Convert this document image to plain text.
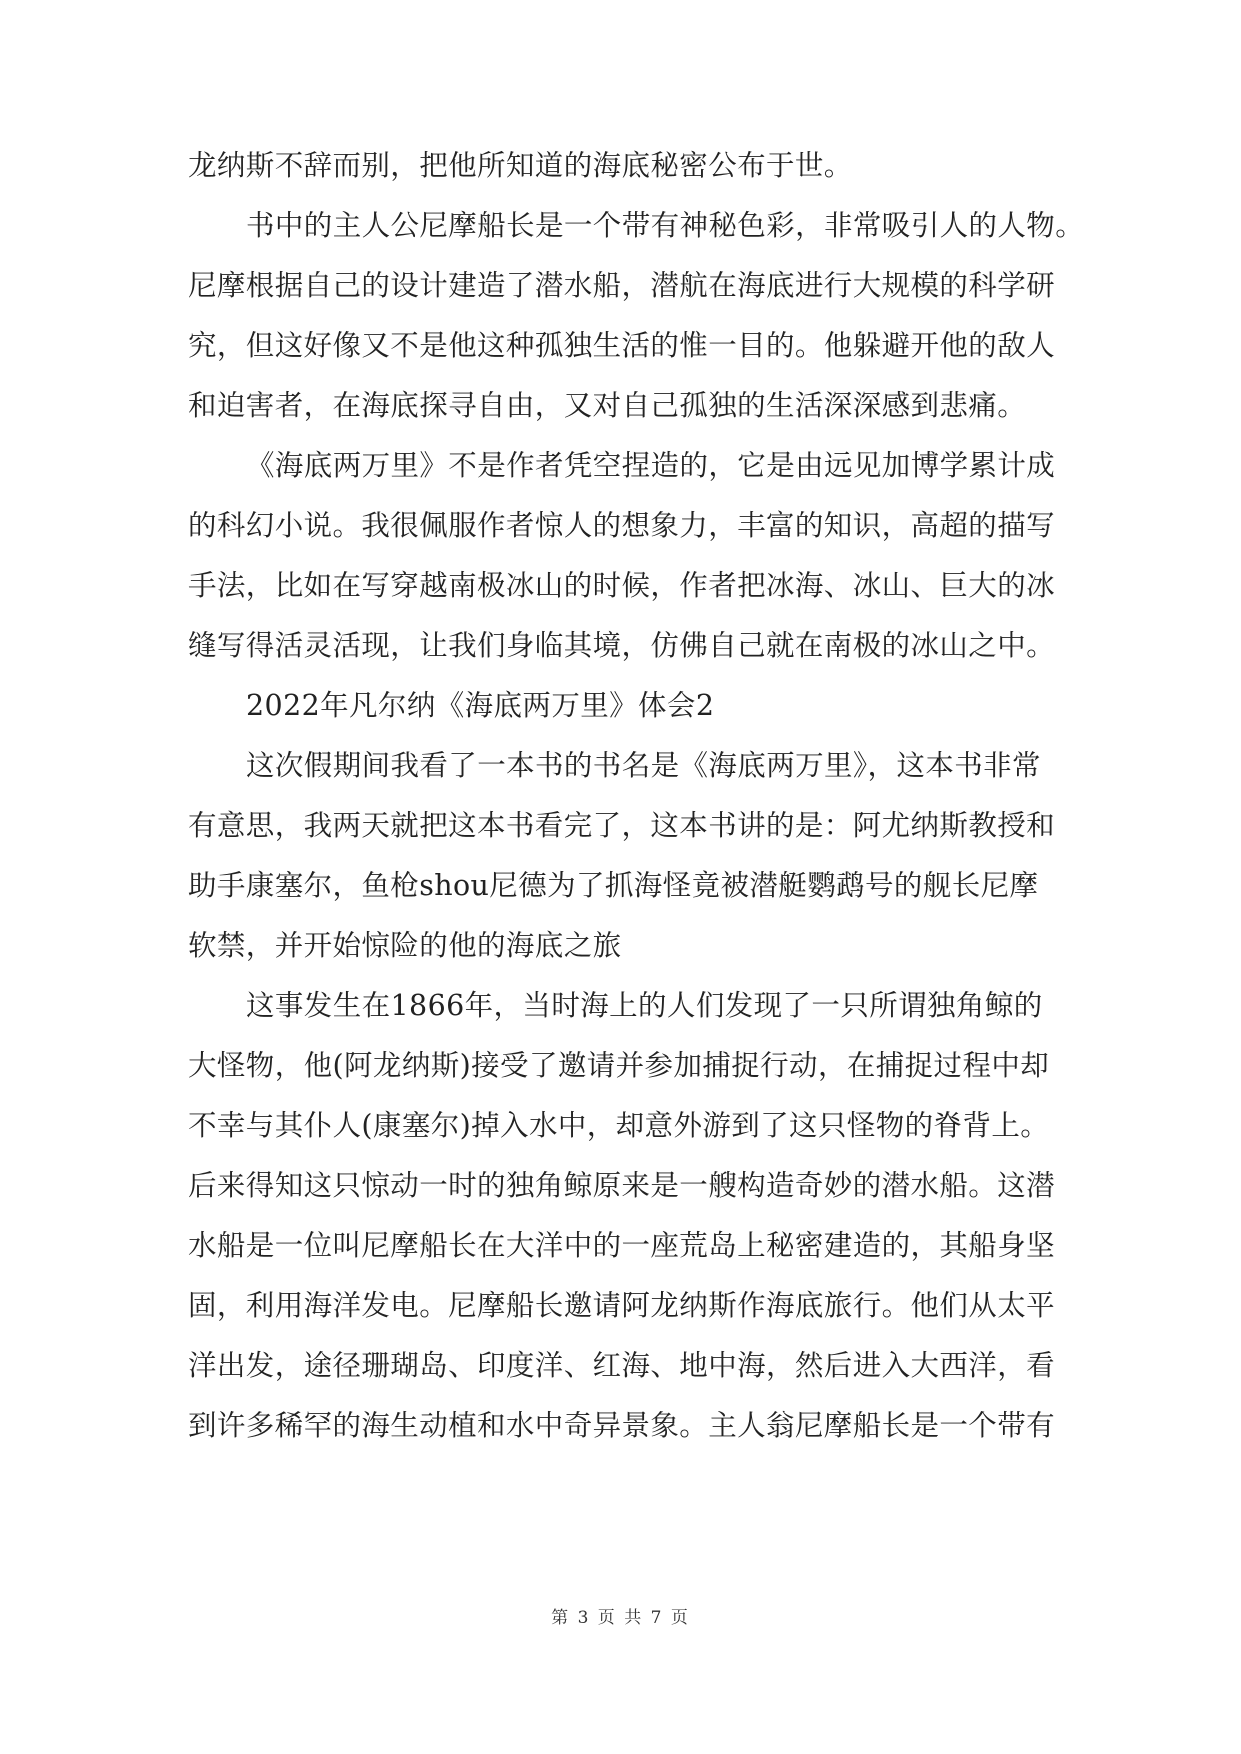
龙纳斯不辞而别，把他所知道的海底秘密公布于世。
书中的主人公尼摩船长是一个带有神秘色彩，非常吸引人的人物。
尼摩根据自己的设计建造了潜水船，潜航在海底进行大规模的科学研
究，但这好像又不是他这种孤独生活的惟一目的。他躲避开他的敌人
和迫害者，在海底探寻自由，又对自己孤独的生活深深感到悲痛。
《海底两万里》不是作者凭空捏造的，它是由远见加博学累计成
的科幻小说。我很佩服作者惊人的想象力，丰富的知识，高超的描写
手法，比如在写穿越南极冰山的时候，作者把冰海、冰山、巨大的冰
缝写得活灵活现，让我们身临其境，仿佛自己就在南极的冰山之中。
2022年凡尔纳《海底两万里》体会2
这次假期间我看了一本书的书名是《海底两万里》，这本书非常
有意思，我两天就把这本书看完了，这本书讲的是：阿尤纳斯教授和
助手康塞尔，鱼枪shou尼德为了抓海怪竟被潜艇鹦鹉号的舰长尼摩
软禁，并开始惊险的他的海底之旅
这事发生在1866年，当时海上的人们发现了一只所谓独角鲸的
大怪物，他(阿龙纳斯)接受了邀请并参加捕捉行动，在捕捉过程中却
不幸与其仆人(康塞尔)掉入水中，却意外游到了这只怪物的脊背上。
后来得知这只惊动一时的独角鲸原来是一艘构造奇妙的潜水船。这潜
水船是一位叫尼摩船长在大洋中的一座荒岛上秘密建造的，其船身坚
固，利用海洋发电。尼摩船长邀请阿龙纳斯作海底旅行。他们从太平
洋出发，途径珊瑚岛、印度洋、红海、地中海，然后进入大西洋，看
到许多稀罕的海生动植和水中奇异景象。主人翁尼摩船长是一个带有
第 3 页 共 7 页
